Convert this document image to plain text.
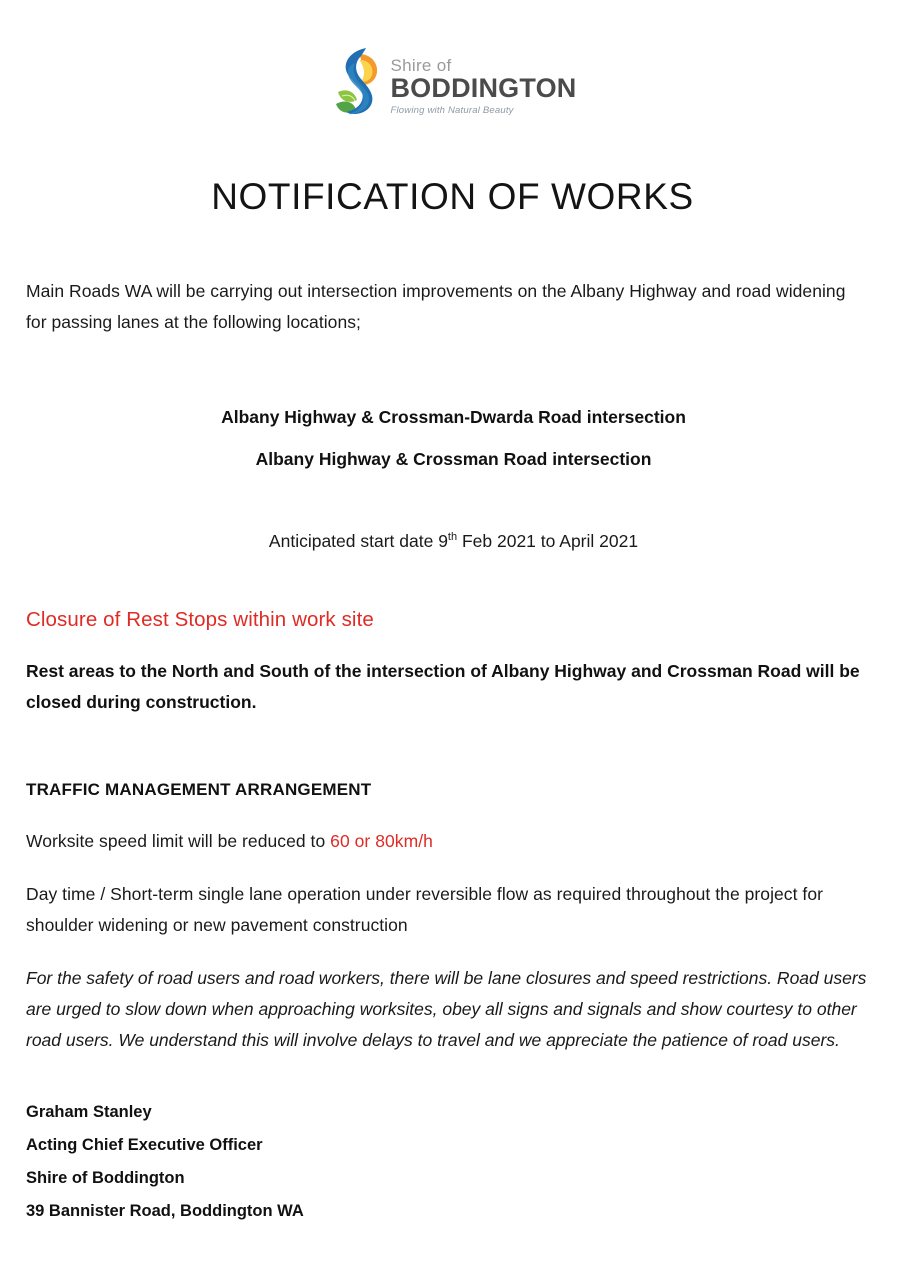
Shire of
BODDINGTON
Flowing with Natural Beauty
NOTIFICATION OF WORKS

Main Roads WA will be carrying out intersection improvements on the Albany Highway and road widening for passing lanes at the following locations;

Albany Highway & Crossman-Dwarda Road intersection
Albany Highway & Crossman Road intersection
Anticipated start date 9th Feb 2021 to April 2021
Closure of Rest Stops within work site

Rest areas to the North and South of the intersection of Albany Highway and Crossman Road will be closed during construction.

TRAFFIC MANAGEMENT ARRANGEMENT

Worksite speed limit will be reduced to 60 or 80km/h

Day time / Short-term single lane operation under reversible flow as required throughout the project for shoulder widening or new pavement construction

For the safety of road users and road workers, there will be lane closures and speed restrictions. Road users are urged to slow down when approaching worksites, obey all signs and signals and show courtesy to other road users. We understand this will involve delays to travel and we appreciate the patience of road users.

Graham Stanley
Acting Chief Executive Officer
Shire of Boddington
39 Bannister Road, Boddington WA
